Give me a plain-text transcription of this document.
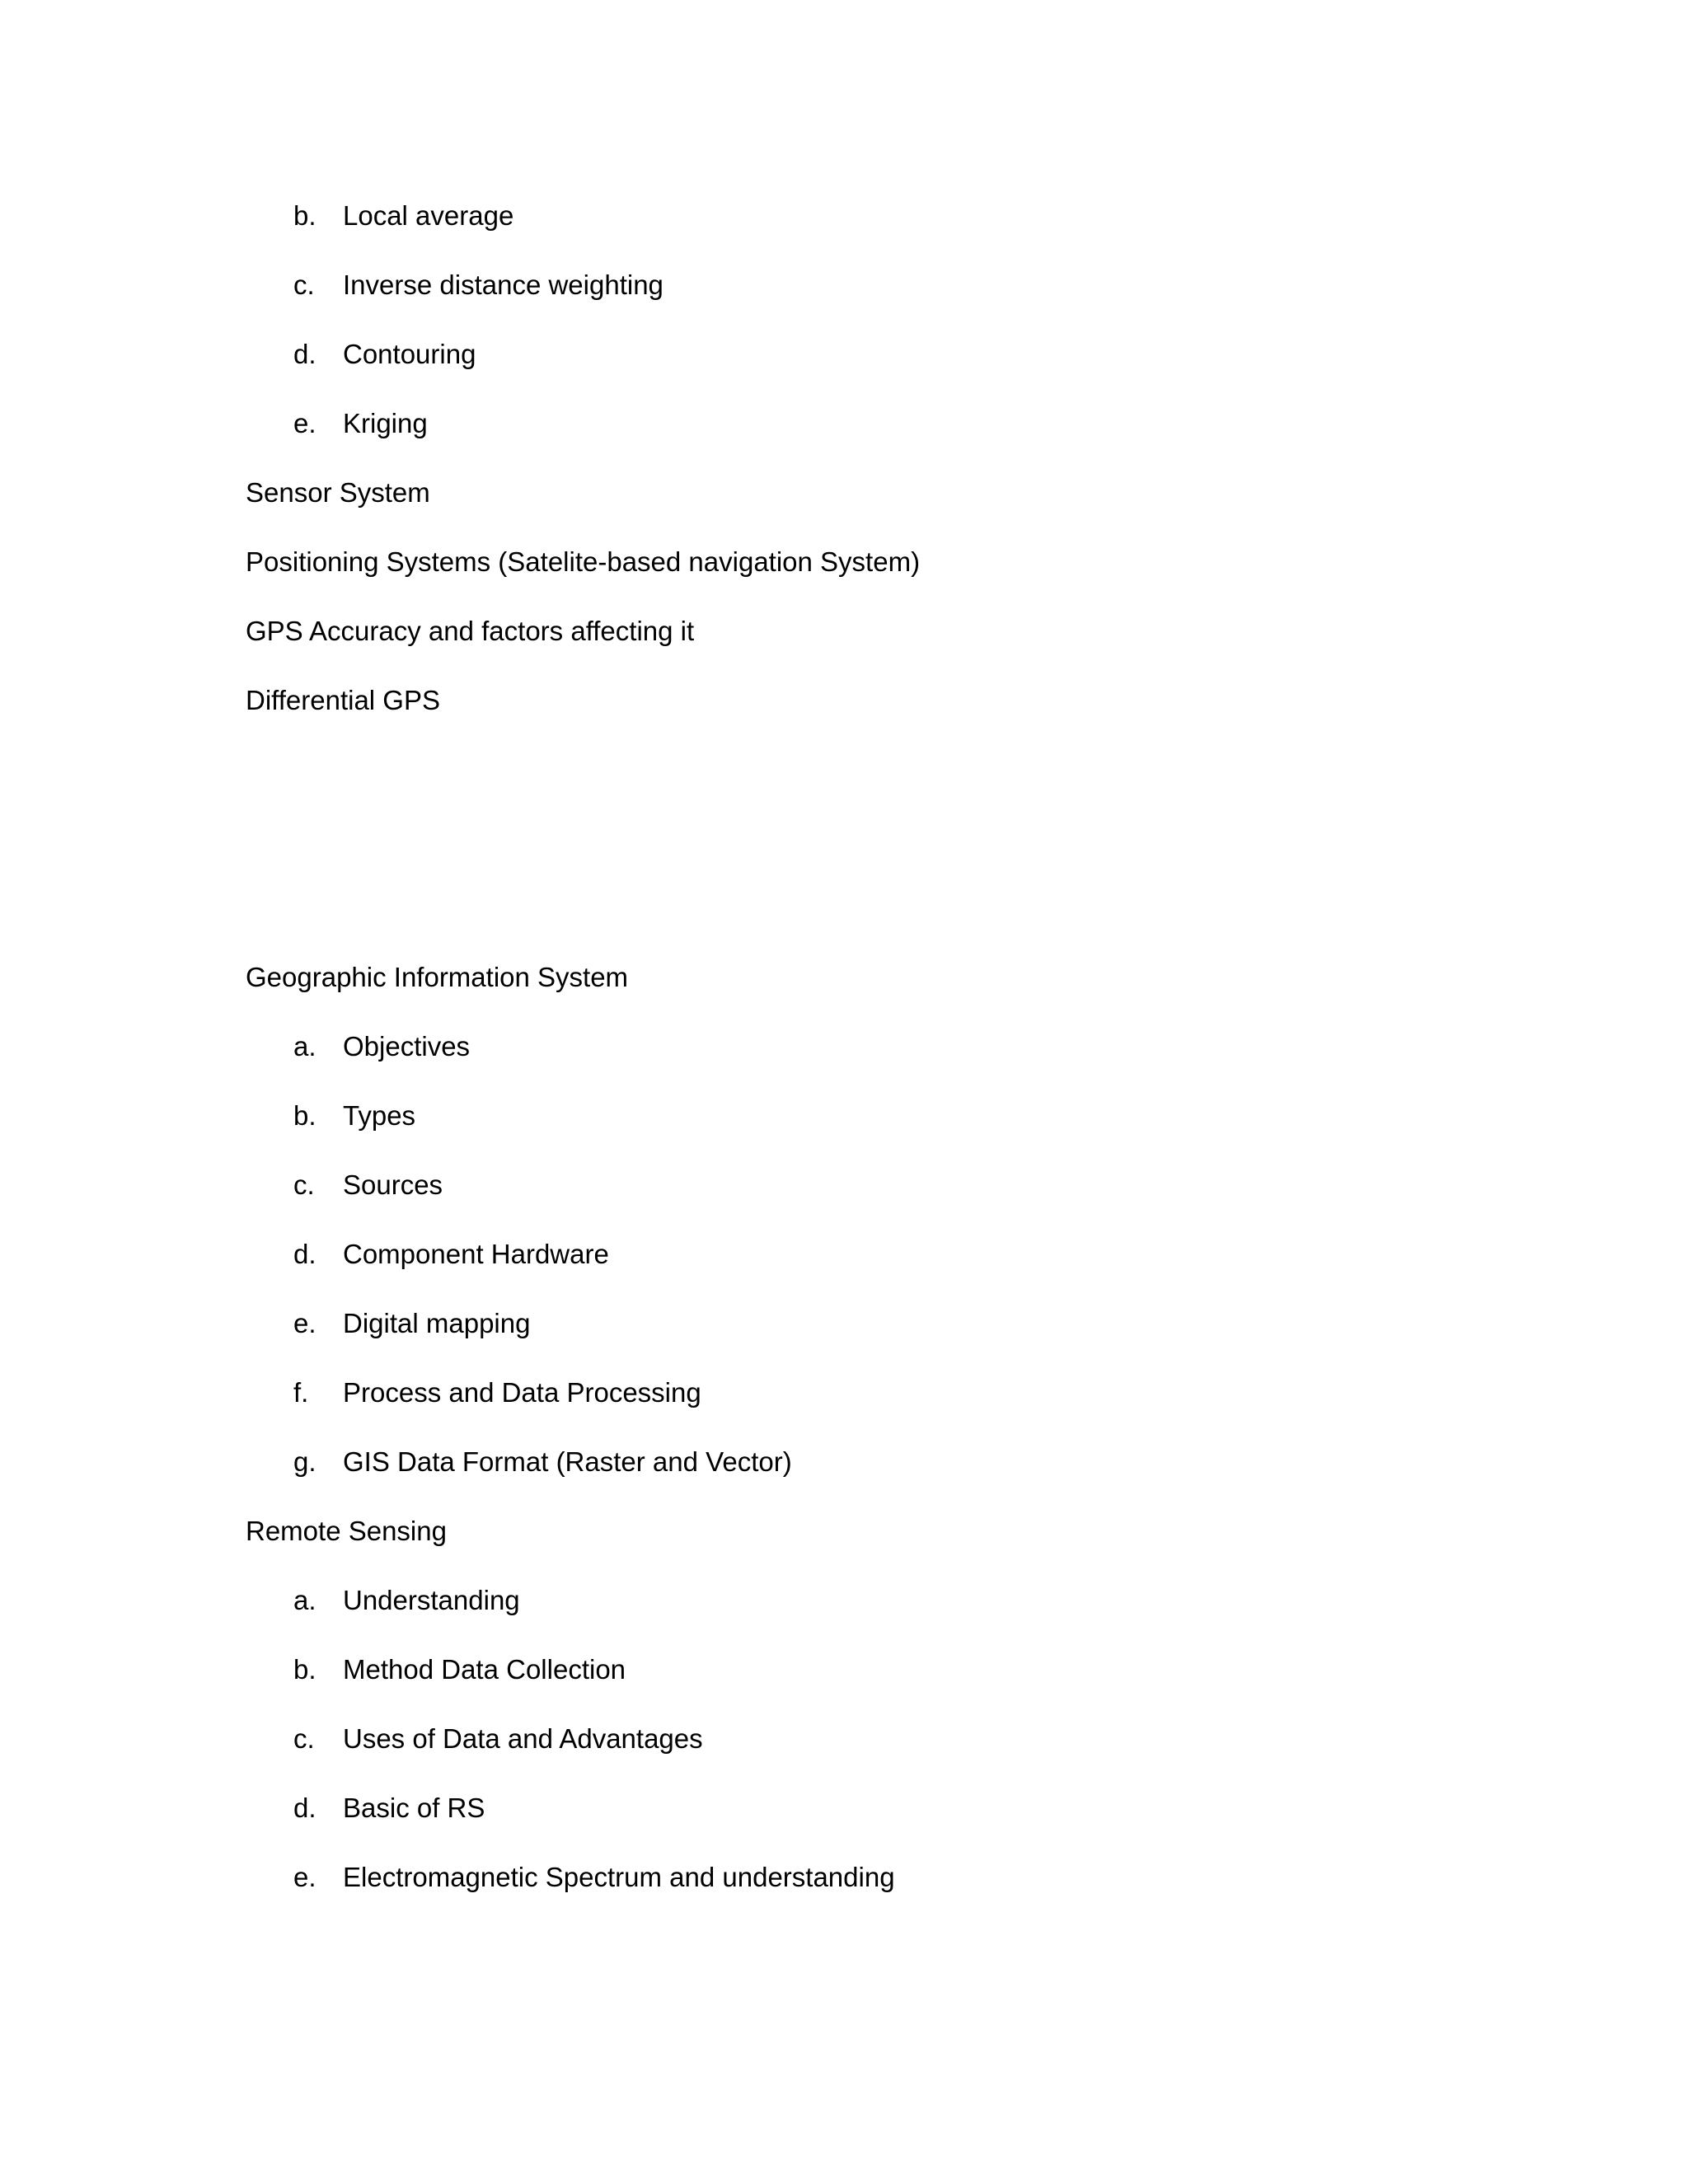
b. Local average
c. Inverse distance weighting
d. Contouring
e. Kriging
Sensor System
Positioning Systems (Satelite-based navigation System)
GPS Accuracy and factors affecting it
Differential GPS
Geographic Information System
a. Objectives
b. Types
c. Sources
d. Component Hardware
e. Digital mapping
f. Process and Data Processing
g. GIS Data Format (Raster and Vector)
Remote Sensing
a. Understanding
b. Method Data Collection
c. Uses of Data and Advantages
d. Basic of RS
e. Electromagnetic Spectrum and understanding
